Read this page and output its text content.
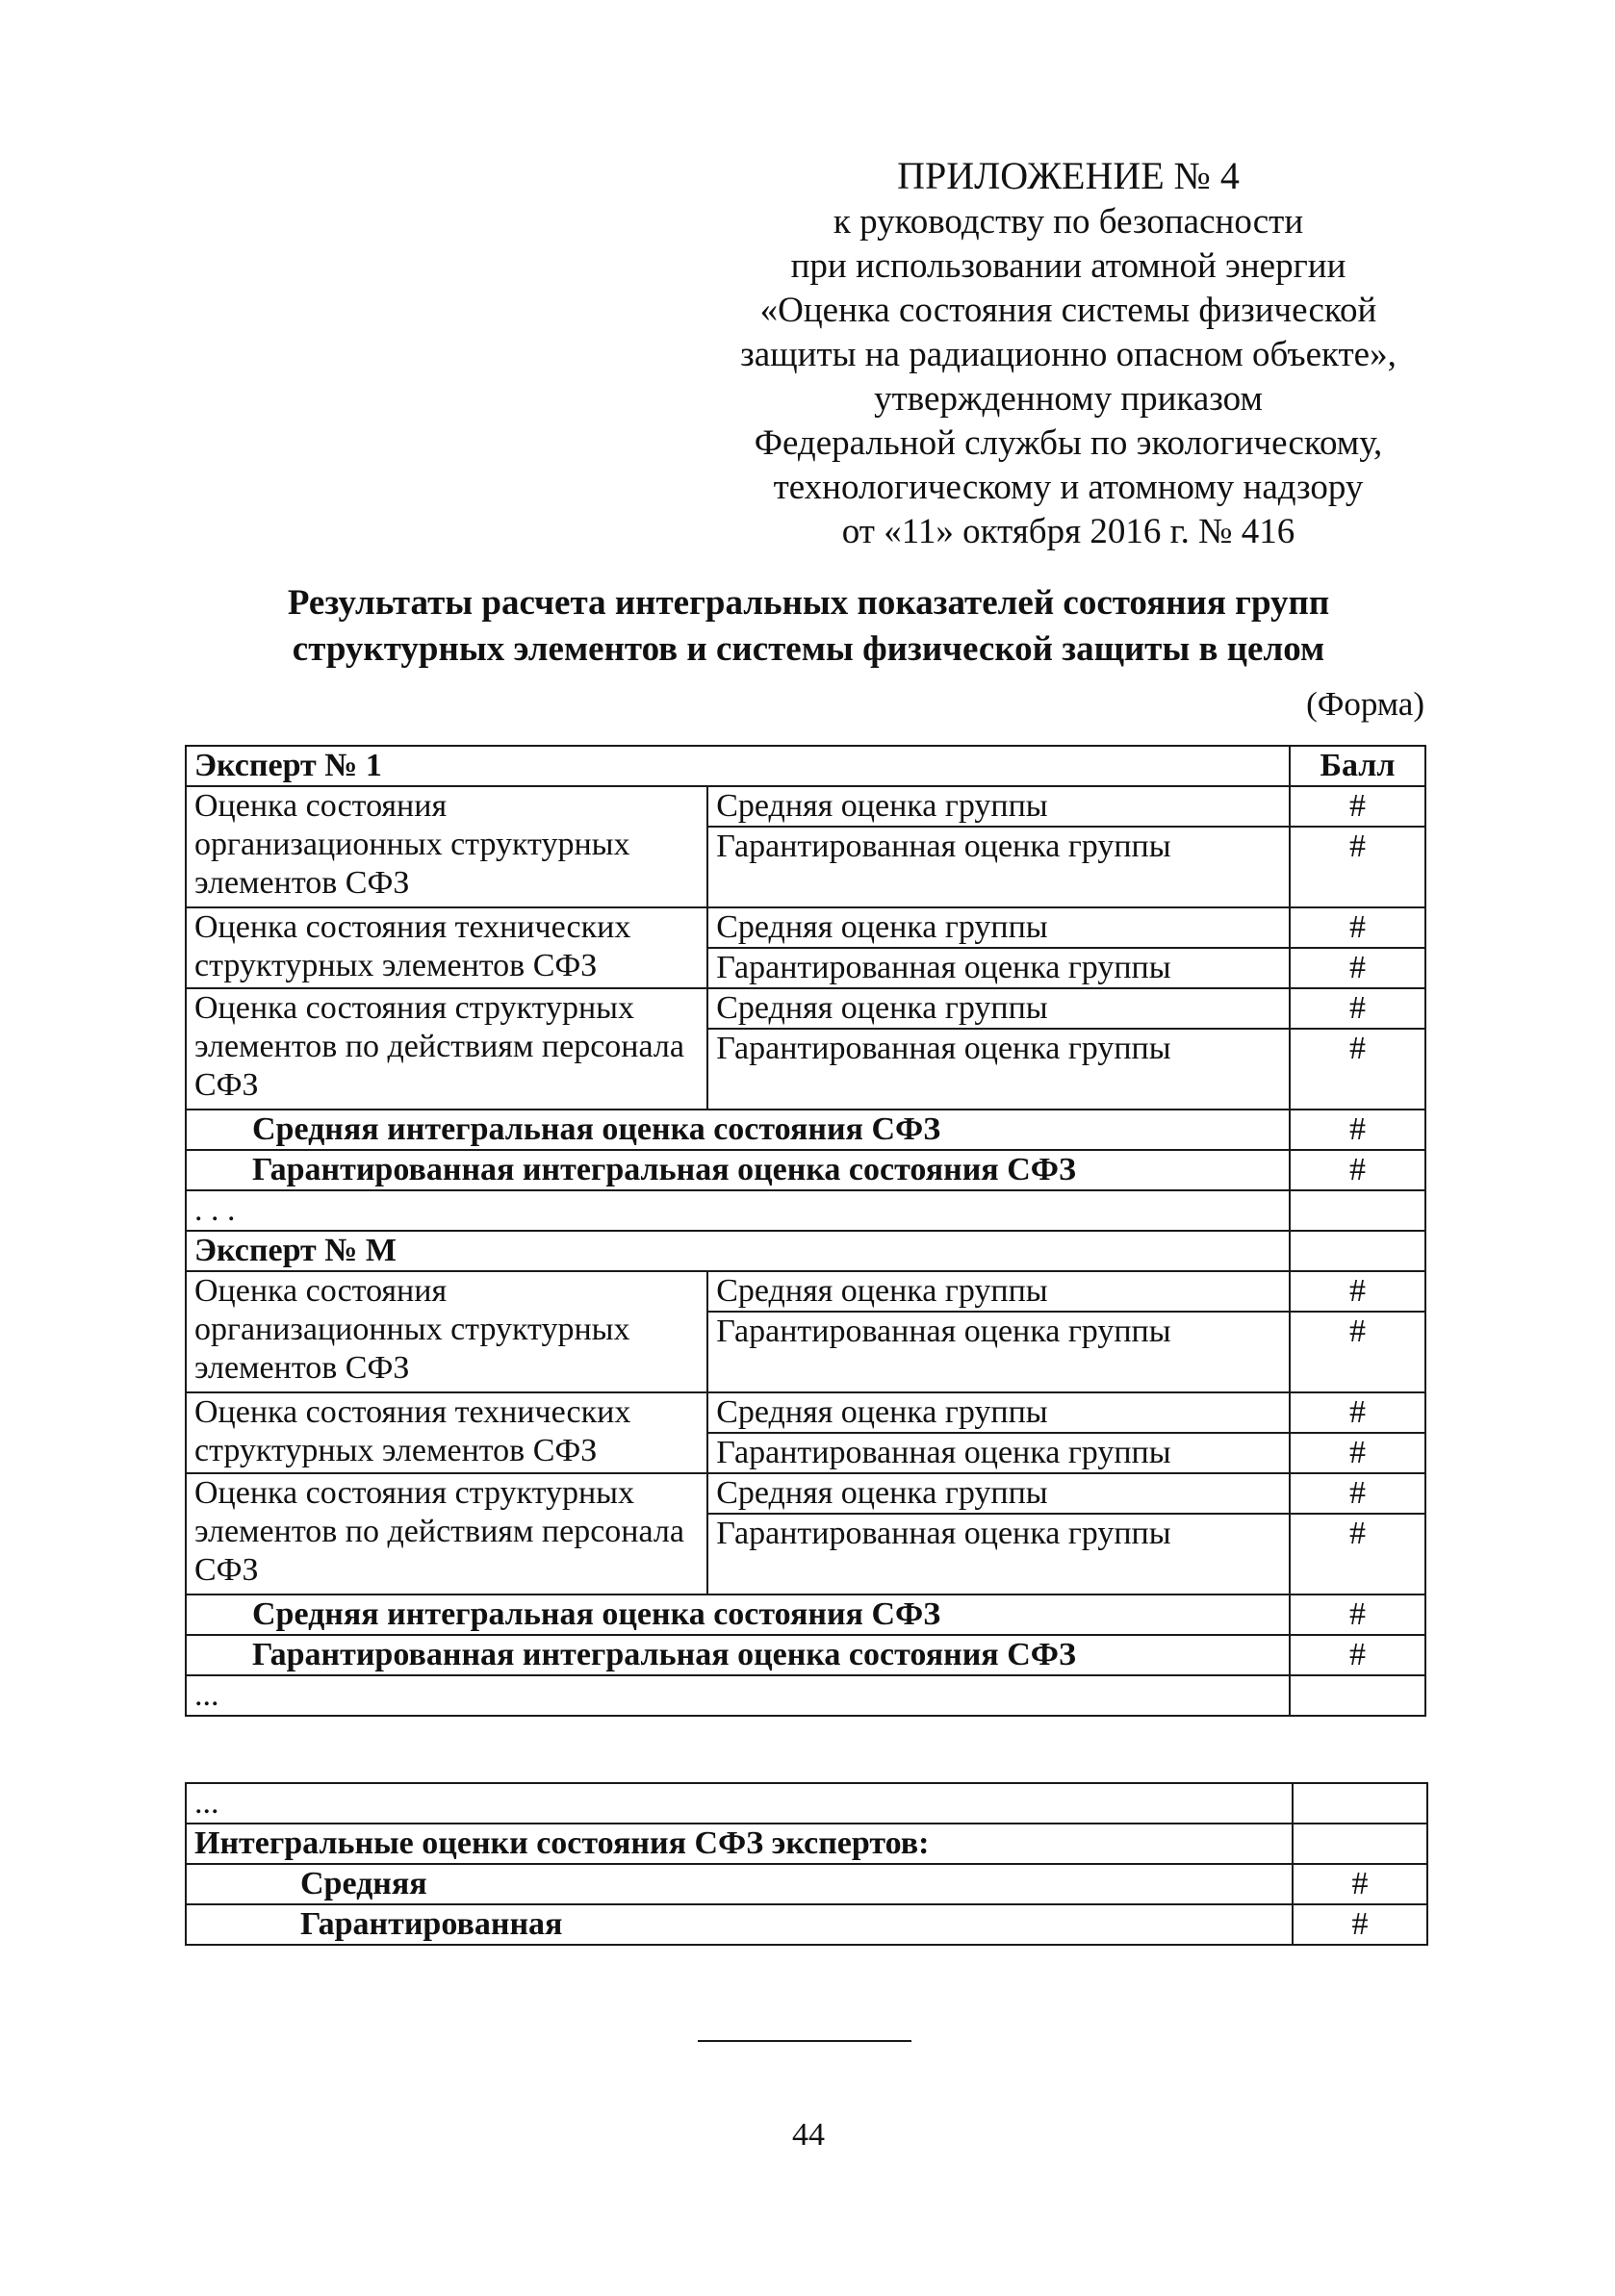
ПРИЛОЖЕНИЕ № 4
к руководству по безопасности
при использовании атомной энергии
«Оценка состояния системы физической
защиты на радиационно опасном объекте»,
утвержденному приказом
Федеральной службы по экологическому,
технологическому и атомному надзору
от «11» октября 2016 г. № 416
Результаты расчета интегральных показателей состояния групп
структурных элементов и системы физической защиты в целом
(Форма)
Эксперт № 1		Балл
Оценка состояния организационных структурных элементов СФЗ	Средняя оценка группы	#
	Гарантированная оценка группы	#
Оценка состояния технических структурных элементов СФЗ	Средняя оценка группы	#
	Гарантированная оценка группы	#
Оценка состояния структурных элементов по действиям персонала СФЗ	Средняя оценка группы	#
	Гарантированная оценка группы	#
Средняя интегральная оценка состояния СФЗ		#
Гарантированная интегральная оценка состояния СФЗ		#
. . .		
Эксперт № М		
Оценка состояния организационных структурных элементов СФЗ	Средняя оценка группы	#
	Гарантированная оценка группы	#
Оценка состояния технических структурных элементов СФЗ	Средняя оценка группы	#
	Гарантированная оценка группы	#
Оценка состояния структурных элементов по действиям персонала СФЗ	Средняя оценка группы	#
	Гарантированная оценка группы	#
Средняя интегральная оценка состояния СФЗ		#
Гарантированная интегральная оценка состояния СФЗ		#
...		
...	
Интегральные оценки состояния СФЗ экспертов:	
Средняя	#
Гарантированная	#
44
